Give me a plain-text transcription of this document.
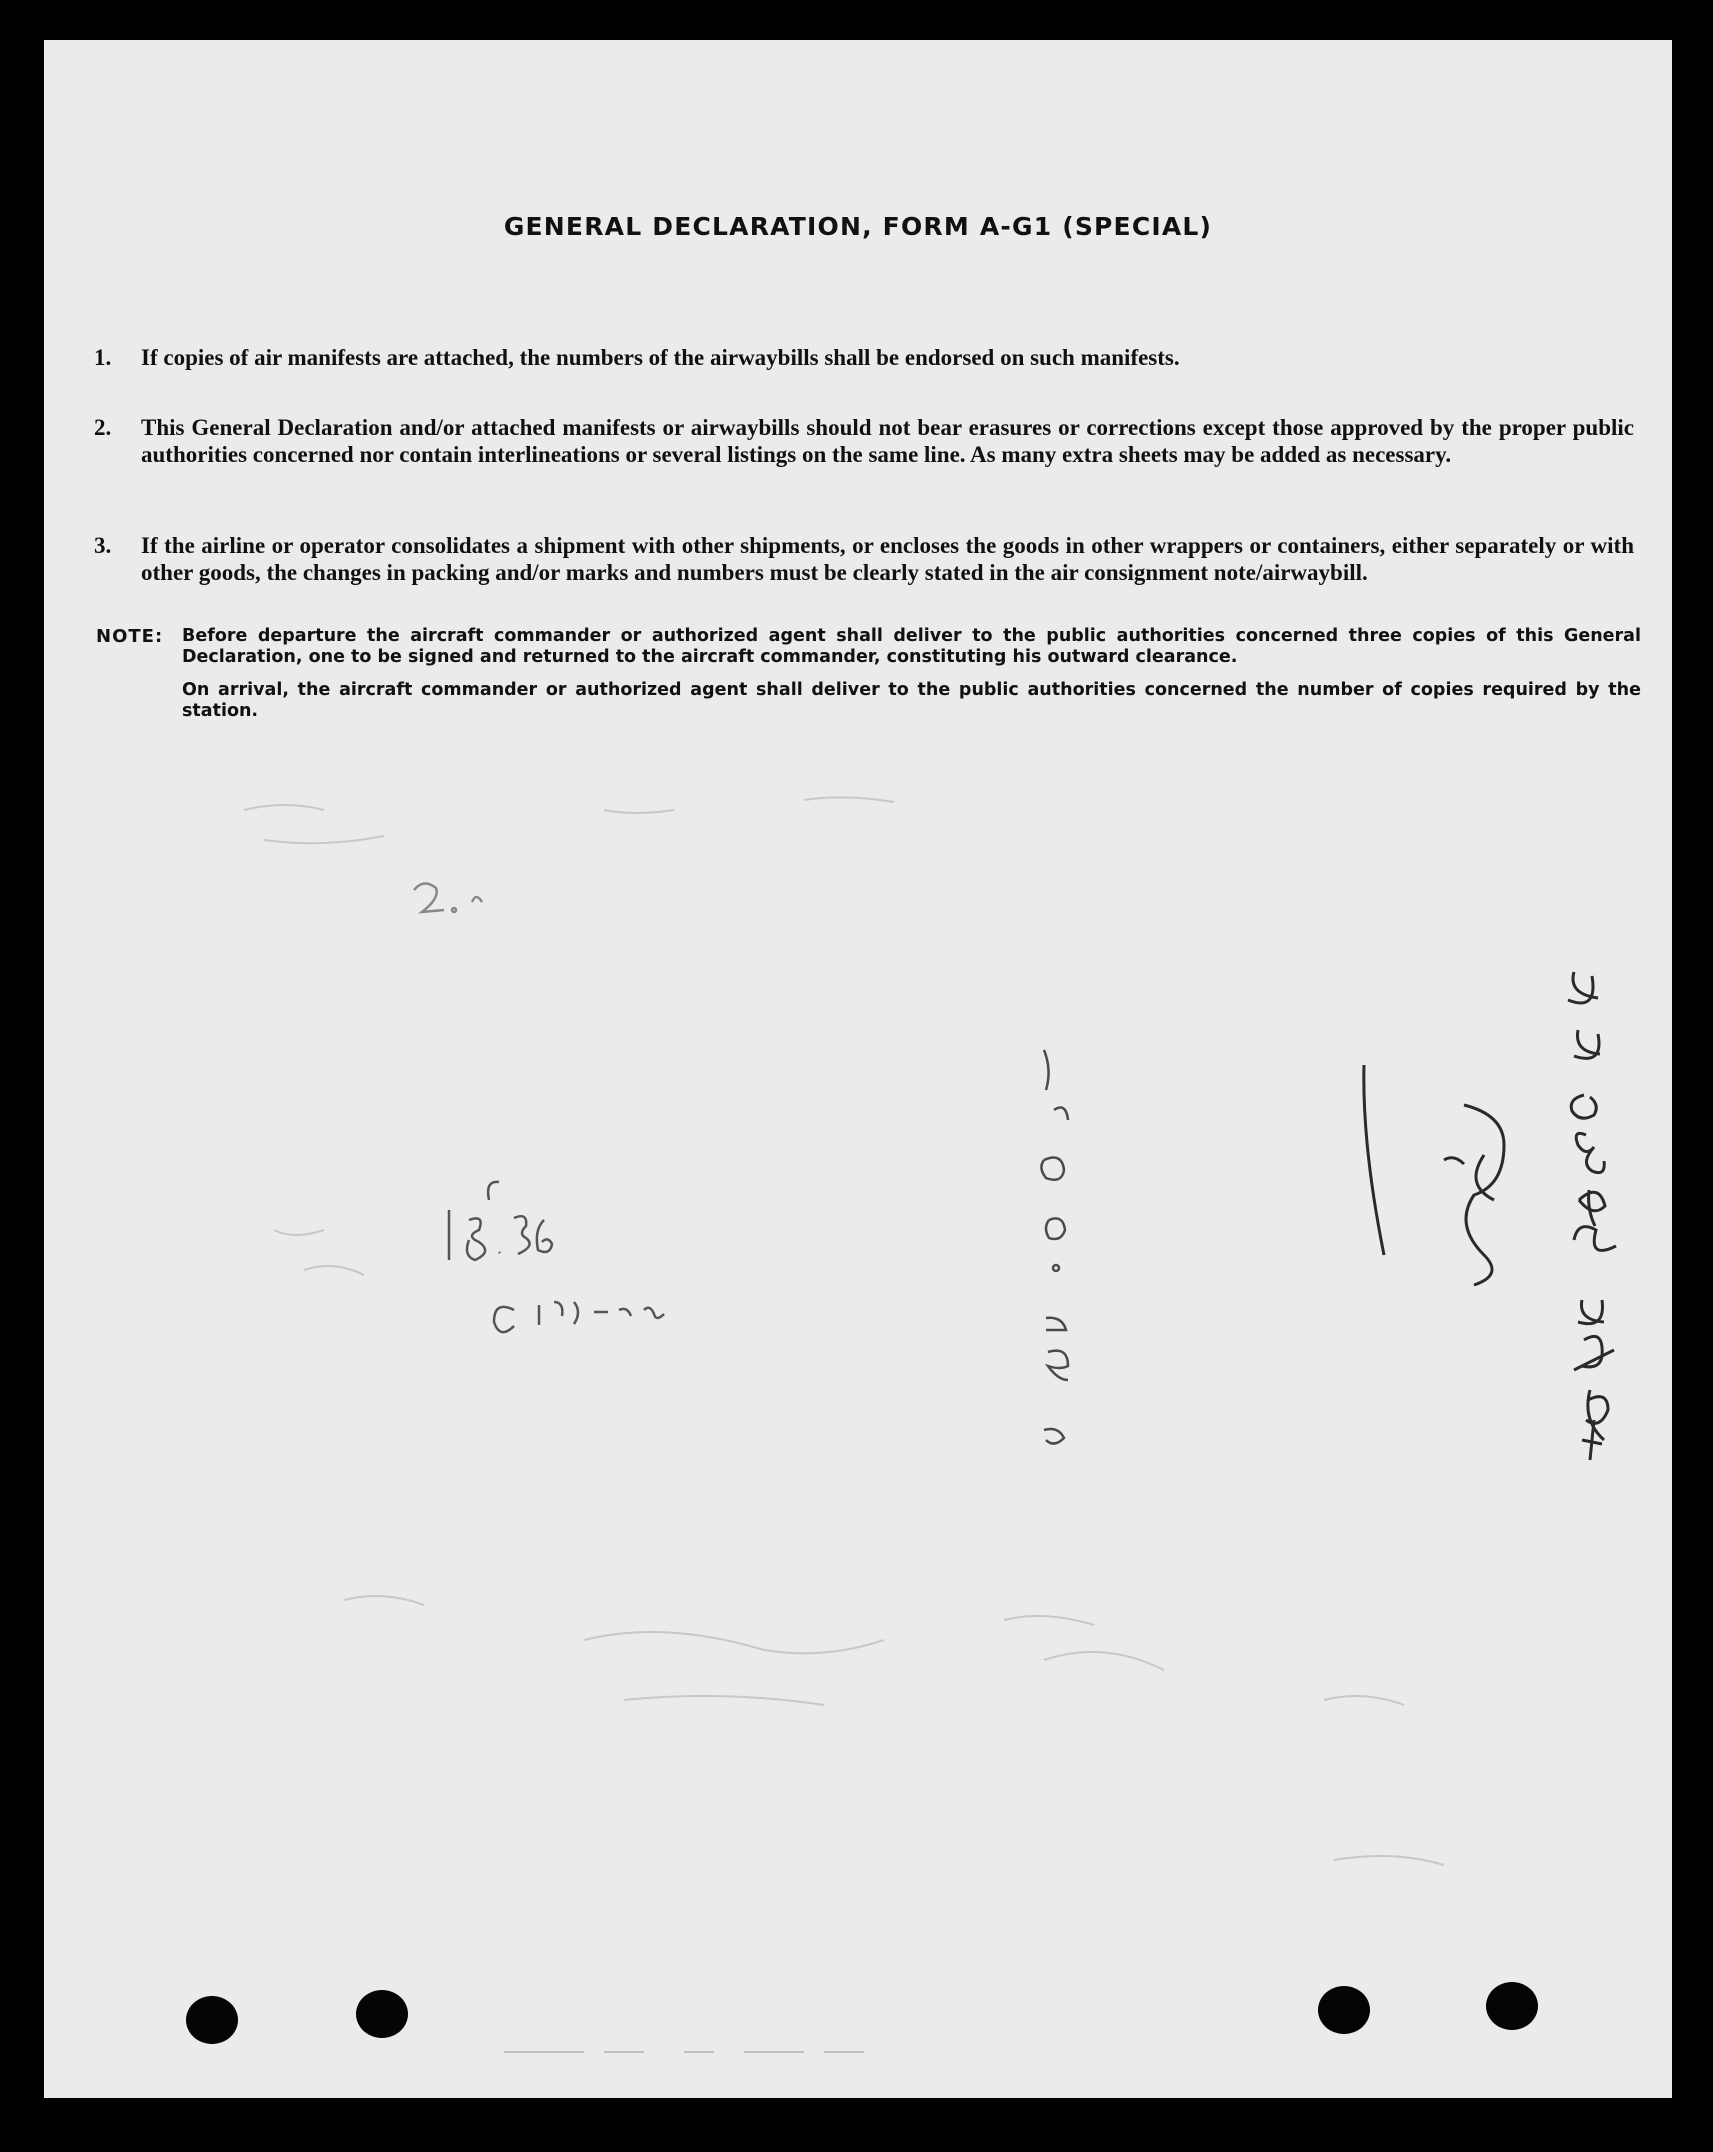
GENERAL DECLARATION, FORM A-G1 (SPECIAL)
1. If copies of air manifests are attached, the numbers of the airwaybills shall be endorsed on such manifests.
2. This General Declaration and/or attached manifests or airwaybills should not bear erasures or corrections except those approved by the proper public authorities concerned nor contain interlineations or several listings on the same line. As many extra sheets may be added as necessary.
3. If the airline or operator consolidates a shipment with other shipments, or encloses the goods in other wrappers or containers, either separately or with other goods, the changes in packing and/or marks and numbers must be clearly stated in the air consignment note/airwaybill.
NOTE: Before departure the aircraft commander or authorized agent shall deliver to the public authorities concerned three copies of this General Declaration, one to be signed and returned to the aircraft commander, constituting his outward clearance.
On arrival, the aircraft commander or authorized agent shall deliver to the public authorities concerned the number of copies required by the station.
